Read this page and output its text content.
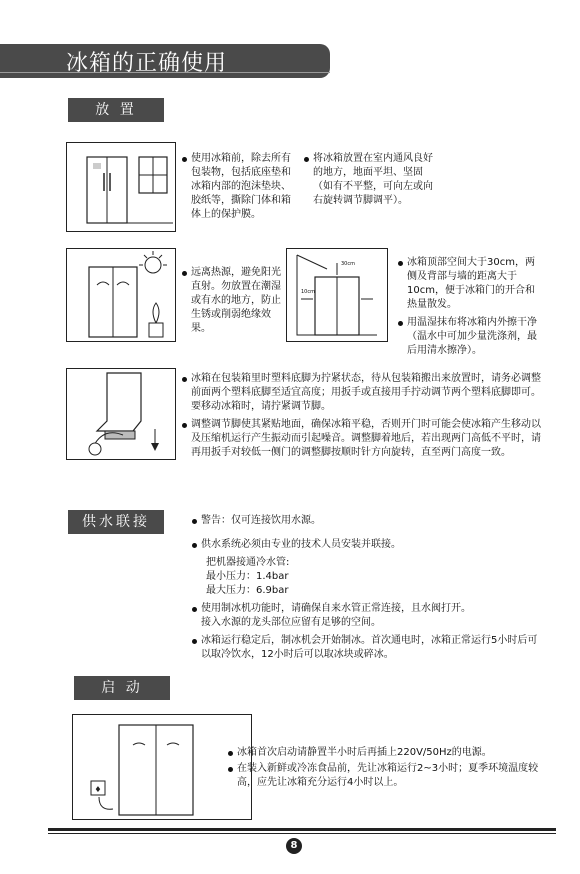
冰箱的正确使用
放 置
使用冰箱前，除去所有包装物，包括底座垫和冰箱内部的泡沫垫块、胶纸等，撕除门体和箱体上的保护膜。
将冰箱放置在室内通风良好的地方，地面平坦、坚固（如有不平整，可向左或向右旋转调节脚调平）。
远离热源，避免阳光直射。勿放置在潮湿或有水的地方，防止生锈或削弱绝缘效果。
30cm
10cm
冰箱顶部空间大于30cm，两侧及背部与墙的距离大于10cm，便于冰箱门的开合和热量散发。
用温湿抹布将冰箱内外擦干净（温水中可加少量洗涤剂，最后用清水擦净）。
冰箱在包装箱里时塑料底脚为拧紧状态，待从包装箱搬出来放置时，请务必调整前面两个塑料底脚至适宜高度；用扳手或直接用手拧动调节两个塑料底脚即可。要移动冰箱时，请拧紧调节脚。
调整调节脚使其紧贴地面，确保冰箱平稳，否则开门时可能会使冰箱产生移动以及压缩机运行产生振动而引起噪音。调整脚着地后，若出现两门高低不平时，请再用扳手对较低一侧门的调整脚按顺时针方向旋转，直至两门高度一致。
供水联接	警告：仅可连接饮用水源。
供水系统必须由专业的技术人员安装并联接。
把机器接通冷水管:
最小压力：1.4bar
最大压力：6.9bar
使用制冰机功能时，请确保自来水管正常连接，且水阀打开。
接入水源的龙头部位应留有足够的空间。
冰箱运行稳定后，制冰机会开始制冰。首次通电时，冰箱正常运行5小时后可以取冷饮水，12小时后可以取冰块或碎冰。
启 动
♦
冰箱首次启动请静置半小时后再插上220V/50Hz的电源。
在装入新鲜或冷冻食品前，先让冰箱运行2~3小时；夏季环境温度较高，应先让冰箱充分运行4小时以上。
8
